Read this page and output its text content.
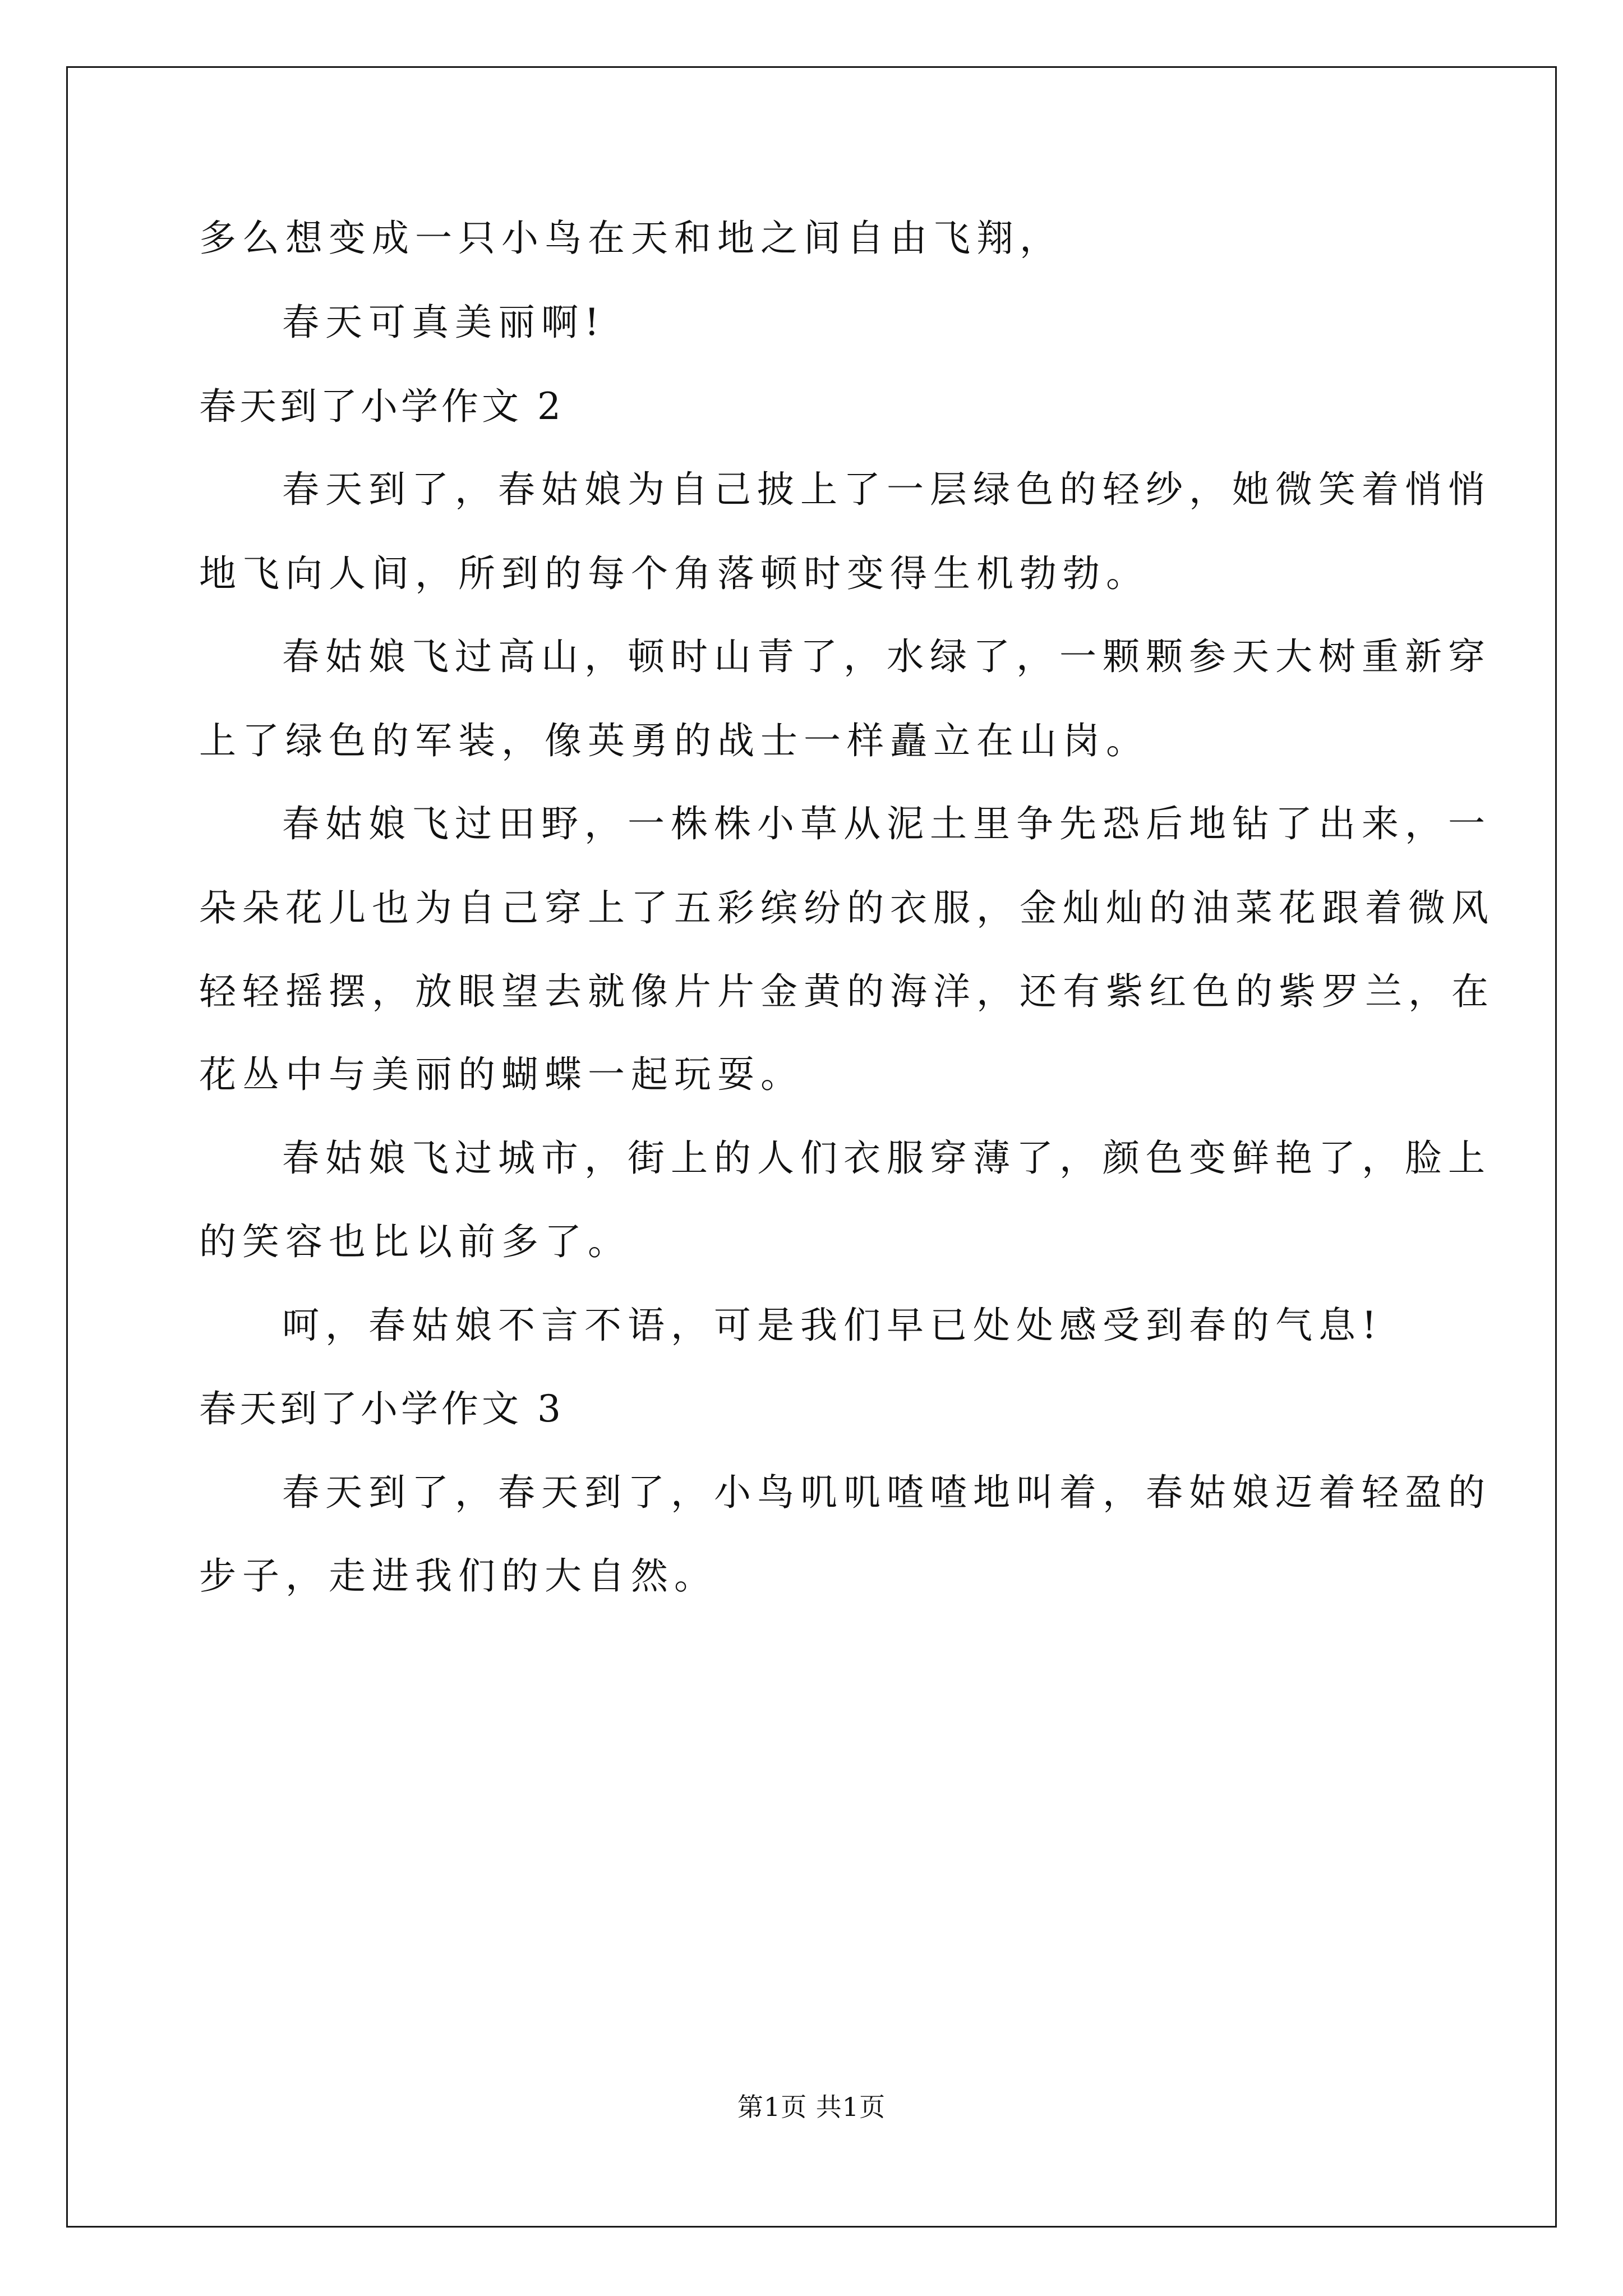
多么想变成一只小鸟在天和地之间自由飞翔，
春天可真美丽啊!
春天到了小学作文 2
春天到了，春姑娘为自己披上了一层绿色的轻纱，她微笑着悄悄
地飞向人间，所到的每个角落顿时变得生机勃勃。
春姑娘飞过高山，顿时山青了，水绿了，一颗颗参天大树重新穿
上了绿色的军装，像英勇的战士一样矗立在山岗。
春姑娘飞过田野，一株株小草从泥土里争先恐后地钻了出来，一
朵朵花儿也为自己穿上了五彩缤纷的衣服，金灿灿的油菜花跟着微风
轻轻摇摆，放眼望去就像片片金黄的海洋，还有紫红色的紫罗兰，在
花丛中与美丽的蝴蝶一起玩耍。
春姑娘飞过城市，街上的人们衣服穿薄了，颜色变鲜艳了，脸上
的笑容也比以前多了。
呵，春姑娘不言不语，可是我们早已处处感受到春的气息!
春天到了小学作文 3
春天到了，春天到了，小鸟叽叽喳喳地叫着，春姑娘迈着轻盈的
步子，走进我们的大自然。
第1页 共1页
